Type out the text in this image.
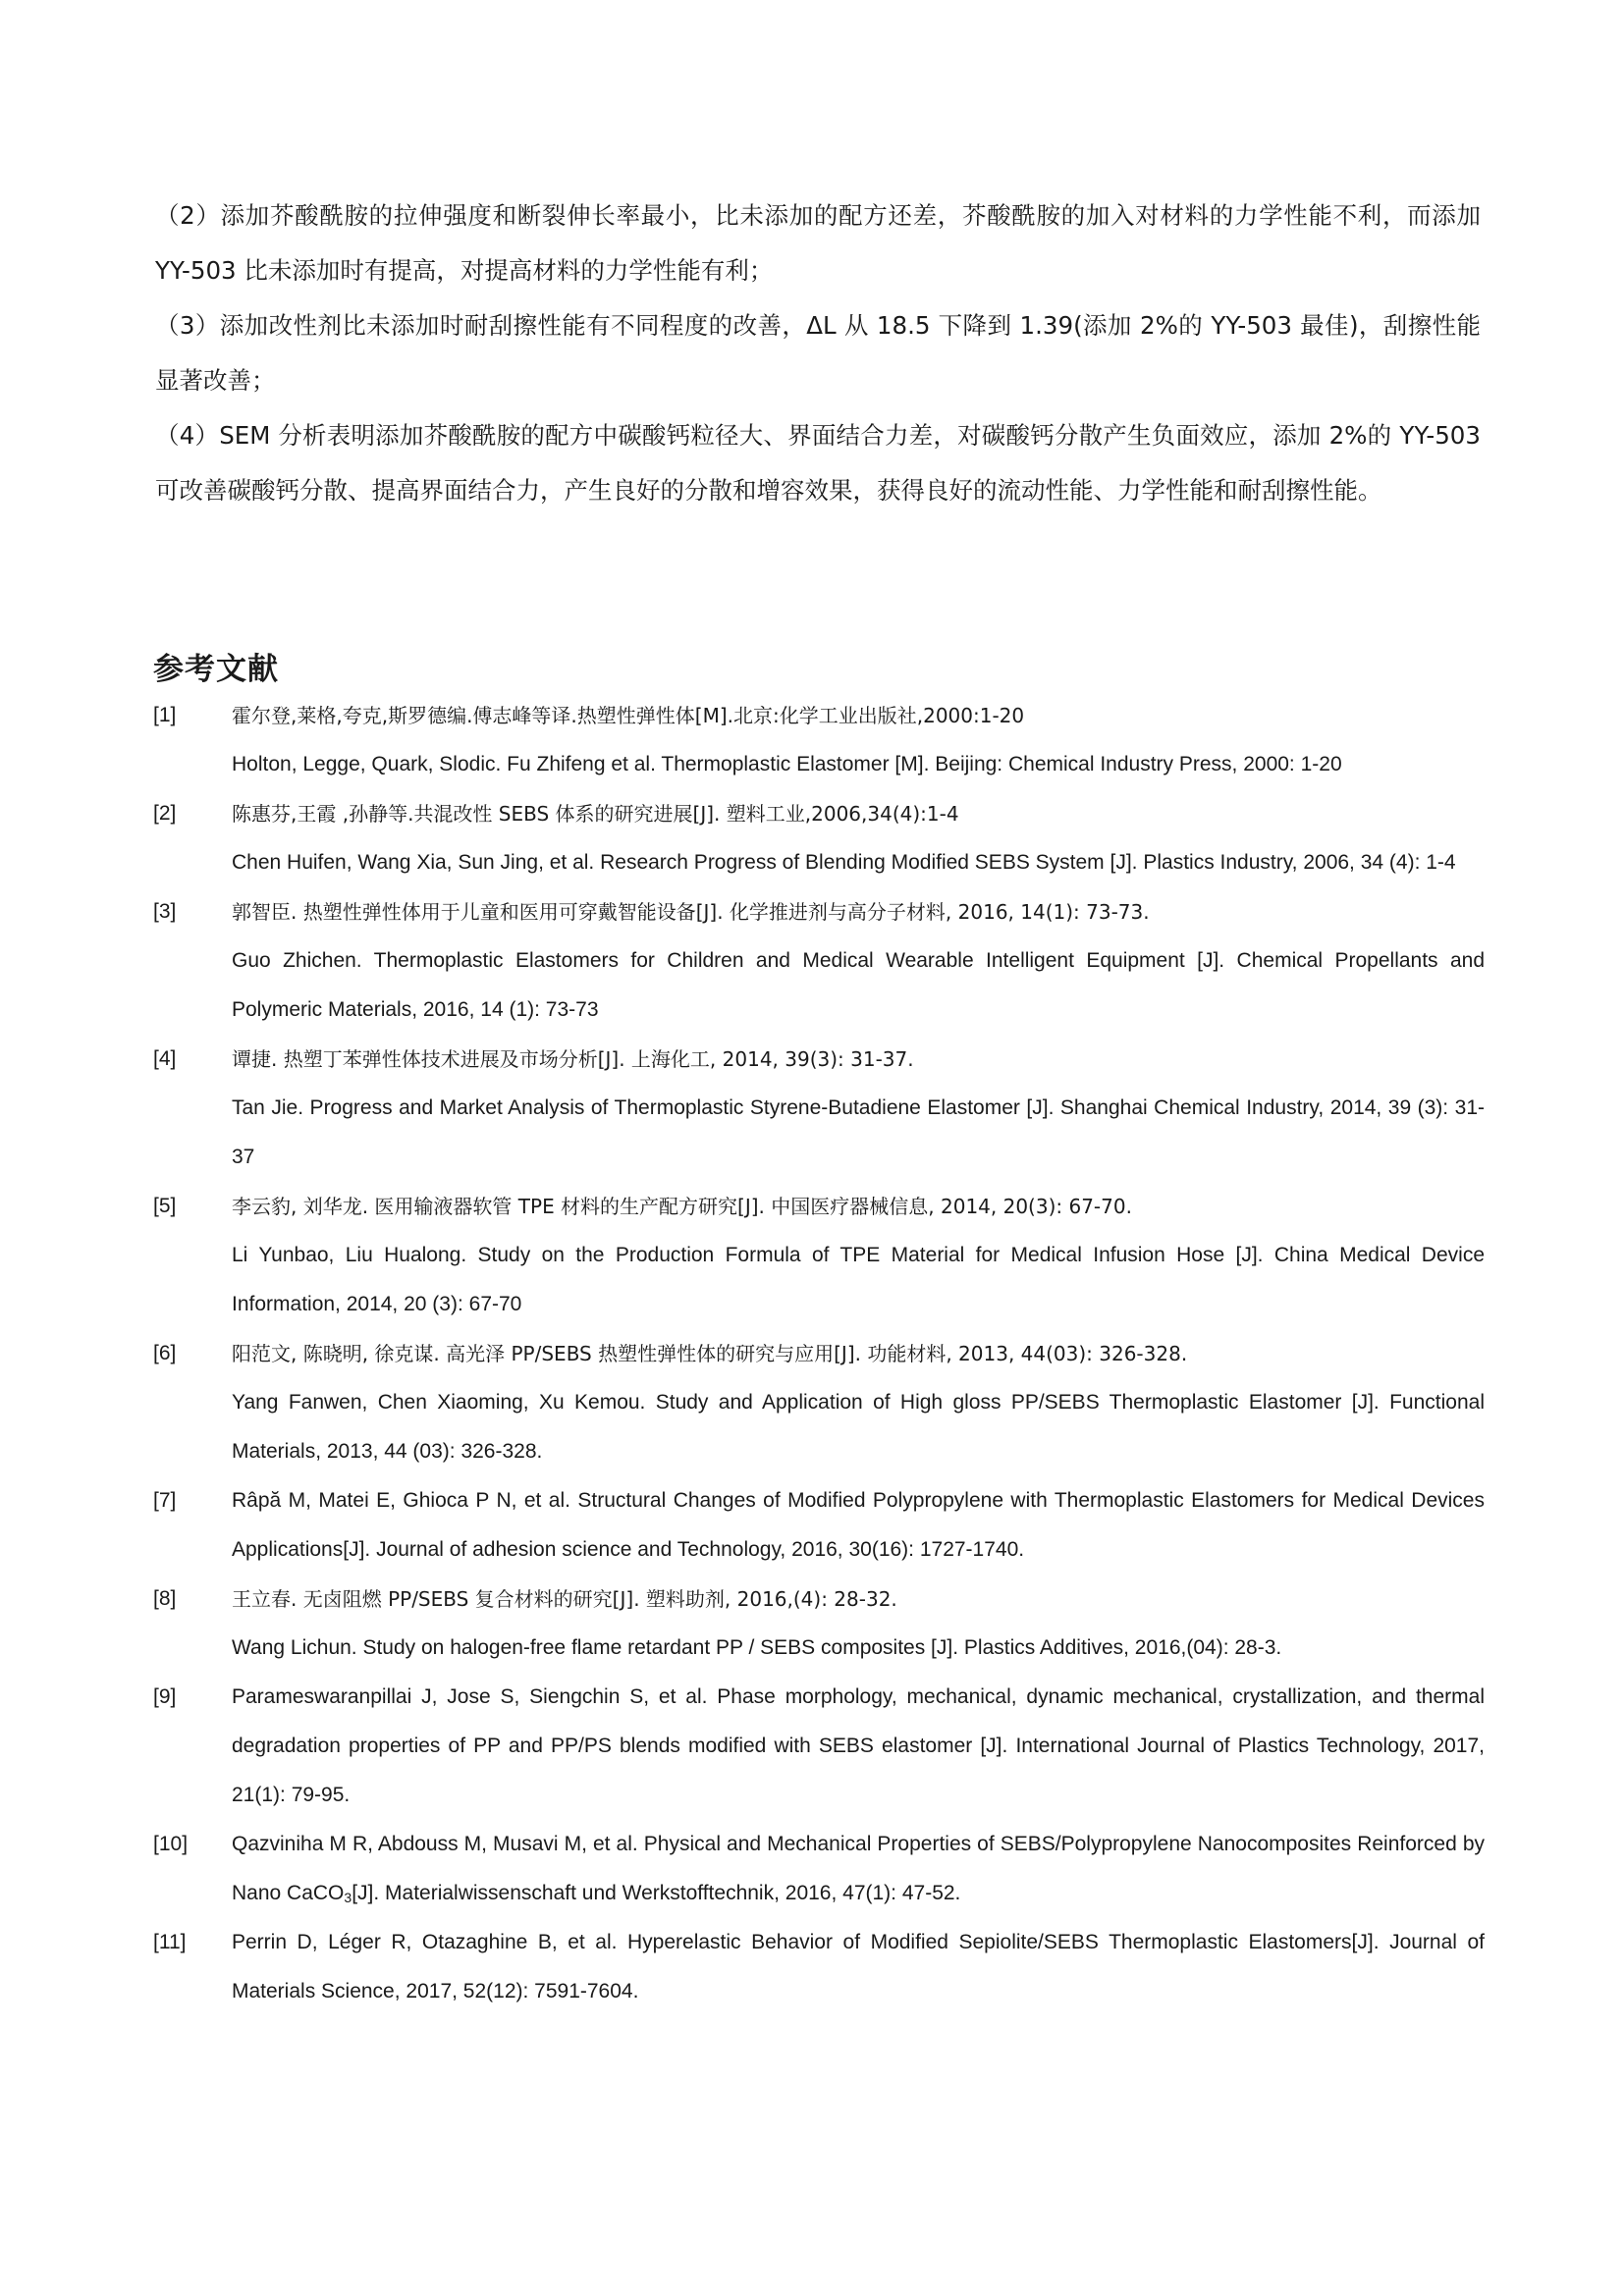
（2）添加芥酸酰胺的拉伸强度和断裂伸长率最小，比未添加的配方还差，芥酸酰胺的加入对材料的力学性能不利，而添加 YY-503 比未添加时有提高，对提高材料的力学性能有利；

（3）添加改性剂比未添加时耐刮擦性能有不同程度的改善，ΔL 从 18.5 下降到 1.39(添加 2%的 YY-503 最佳)，刮擦性能显著改善；

（4）SEM 分析表明添加芥酸酰胺的配方中碳酸钙粒径大、界面结合力差，对碳酸钙分散产生负面效应，添加 2%的 YY-503 可改善碳酸钙分散、提高界面结合力，产生良好的分散和增容效果，获得良好的流动性能、力学性能和耐刮擦性能。

参考文献
[1]	霍尔登,莱格,夸克,斯罗德编.傅志峰等译.热塑性弹性体[M].北京:化学工业出版社,2000:1-20

Holton, Legge, Quark, Slodic. Fu Zhifeng et al. Thermoplastic Elastomer [M]. Beijing: Chemical Industry Press, 2000: 1-20

[2]	陈惠芬,王霞 ,孙静等.共混改性 SEBS 体系的研究进展[J]. 塑料工业,2006,34(4):1-4

Chen Huifen, Wang Xia, Sun Jing, et al. Research Progress of Blending Modified SEBS System [J]. Plastics Industry, 2006, 34 (4): 1-4

[3]	郭智臣. 热塑性弹性体用于儿童和医用可穿戴智能设备[J]. 化学推进剂与高分子材料, 2016, 14(1): 73-73.

Guo Zhichen. Thermoplastic Elastomers for Children and Medical Wearable Intelligent Equipment [J]. Chemical Propellants and Polymeric Materials, 2016, 14 (1): 73-73

[4]	谭捷. 热塑丁苯弹性体技术进展及市场分析[J]. 上海化工, 2014, 39(3): 31-37.

Tan Jie. Progress and Market Analysis of Thermoplastic Styrene-Butadiene Elastomer [J]. Shanghai Chemical Industry, 2014, 39 (3): 31-37

[5]	李云豹, 刘华龙. 医用输液器软管 TPE 材料的生产配方研究[J]. 中国医疗器械信息, 2014, 20(3): 67-70.

Li Yunbao, Liu Hualong. Study on the Production Formula of TPE Material for Medical Infusion Hose [J]. China Medical Device Information, 2014, 20 (3): 67-70

[6]	阳范文, 陈晓明, 徐克谋. 高光泽 PP/SEBS 热塑性弹性体的研究与应用[J]. 功能材料, 2013, 44(03): 326-328.

Yang Fanwen, Chen Xiaoming, Xu Kemou. Study and Application of High gloss PP/SEBS Thermoplastic Elastomer [J]. Functional Materials, 2013, 44 (03): 326-328.

[7]	Râpă M, Matei E, Ghioca P N, et al. Structural Changes of Modified Polypropylene with Thermoplastic Elastomers for Medical Devices Applications[J]. Journal of adhesion science and Technology, 2016, 30(16): 1727-1740.

[8]	王立春. 无卤阻燃 PP/SEBS 复合材料的研究[J]. 塑料助剂, 2016,(4): 28-32.

Wang Lichun. Study on halogen-free flame retardant PP / SEBS composites [J]. Plastics Additives, 2016,(04): 28-3.

[9]	Parameswaranpillai J, Jose S, Siengchin S, et al. Phase morphology, mechanical, dynamic mechanical, crystallization, and thermal degradation properties of PP and PP/PS blends modified with SEBS elastomer [J]. International Journal of Plastics Technology, 2017, 21(1): 79-95.

[10] Qazviniha M R, Abdouss M, Musavi M, et al. Physical and Mechanical Properties of SEBS/Polypropylene Nanocomposites Reinforced by Nano CaCO$_3$[J]. Materialwissenschaft und Werkstofftechnik, 2016, 47(1): 47-52.

[11] Perrin D, Léger R, Otazaghine B, et al. Hyperelastic Behavior of Modified Sepiolite/SEBS Thermoplastic Elastomers[J]. Journal of Materials Science, 2017, 52(12): 7591-7604.
